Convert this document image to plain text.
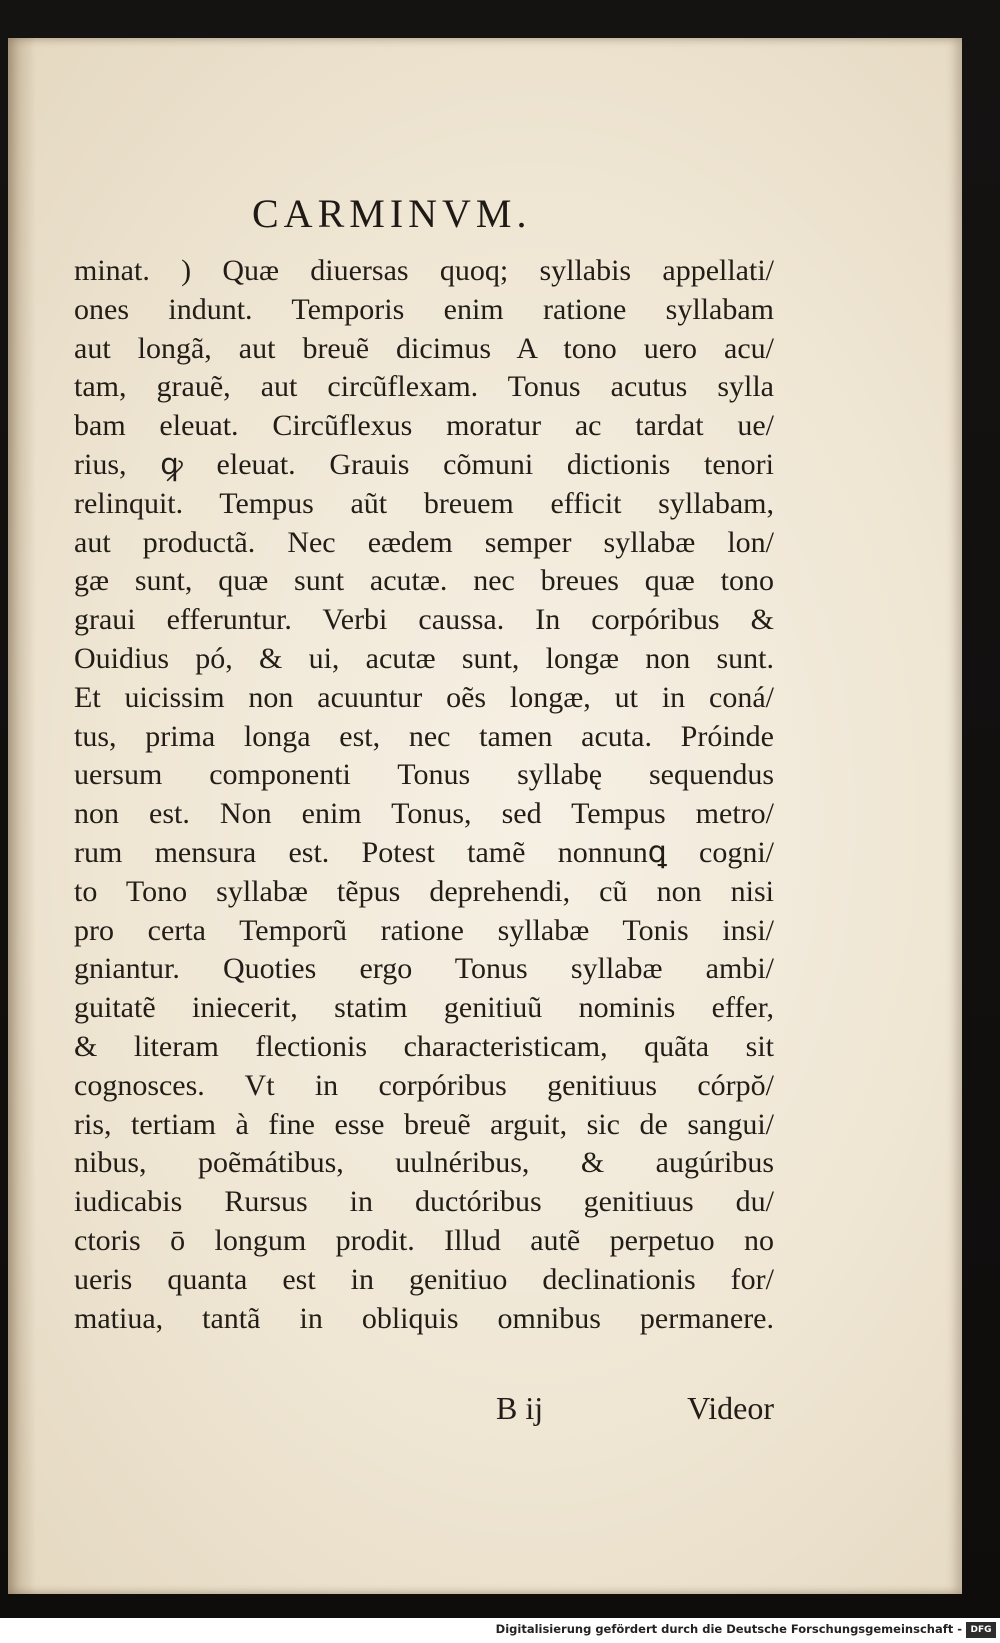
CARMINVM.
minat. ) Quæ diuersas quoq; syllabis appellati/
ones indunt. Temporis enim ratione syllabam
aut longã, aut breuẽ dicimus A tono uero acu/
tam, grauẽ, aut circũflexam. Tonus acutus sylla
bam eleuat. Circũflexus moratur ac tardat ue/
rius, ꝙ eleuat. Grauis cõmuni dictionis tenori
relinquit. Tempus aũt breuem efficit syllabam,
aut productã. Nec eædem semper syllabæ lon/
gæ sunt, quæ sunt acutæ. nec breues quæ tono
graui efferuntur. Verbi caussa. In corpóribus &
Ouidius pó, & ui, acutæ sunt, longæ non sunt.
Et uicissim non acuuntur oẽs longæ, ut in coná/
tus, prima longa est, nec tamen acuta. Próinde
uersum componenti Tonus syllabę sequendus
non est. Non enim Tonus, sed Tempus metro/
rum mensura est. Potest tamẽ nonnunꝗ cogni/
to Tono syllabæ tẽpus deprehendi, cũ non nisi
pro certa Temporũ ratione syllabæ Tonis insi/
gniantur. Quoties ergo Tonus syllabæ ambi/
guitatẽ iniecerit, statim genitiuũ nominis effer,
& literam flectionis characteristicam, quãta sit
cognosces. Vt in corpóribus genitiuus córpŏ/
ris, tertiam à fine esse breuẽ arguit, sic de sangui/
nibus, poẽmátibus, uulnéribus, & augúribus
iudicabis Rursus in ductóribus genitiuus du/
ctoris ō longum prodit. Illud autẽ perpetuo no
ueris quanta est in genitiuo declinationis for/
matiua, tantã in obliquis omnibus permanere.
B ij	Videor
Digitalisierung gefördert durch die Deutsche Forschungsgemeinschaft - DFG
